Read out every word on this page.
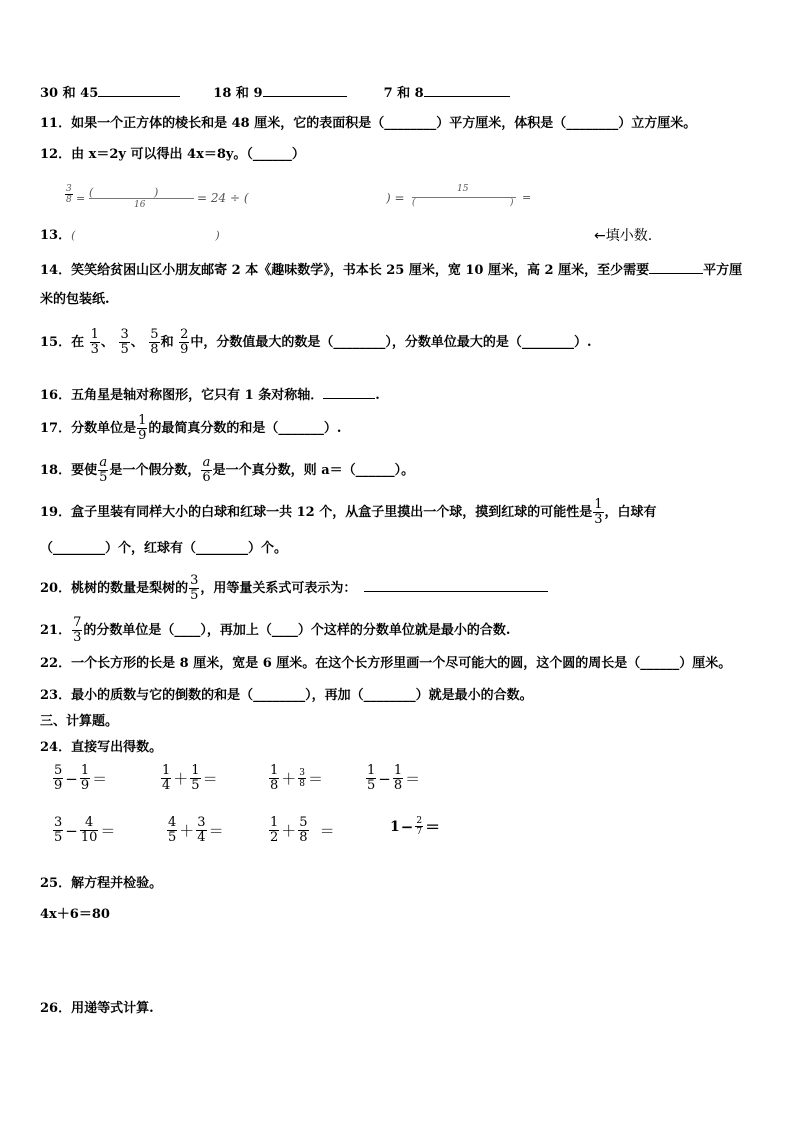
30 和 45	18 和 9	7 和 8
11．如果一个正方体的棱长和是 48 厘米，它的表面积是（________）平方厘米，体积是（________）立方厘米。
12．由 x＝2y 可以得出 4x＝8y。（______）
$\frac{3}{8}$ = (	)
16	= 24 ÷ (	) =
15
(	) =
13．(	)	←填小数.
14．笑笑给贫困山区小朋友邮寄 2 本《趣味数学》，书本长 25 厘米，宽 10 厘米，高 2 厘米，至少需要	平方厘
米的包装纸.
15．在 $\frac{1}{3}$ 、 $\frac{3}{5}$ 、 $\frac{5}{8}$ 和 $\frac{2}{9}$ 中，分数值最大的数是（________），分数单位最大的是（________）.
16．五角星是轴对称图形，它只有 1 条对称轴．	.
17．分数单位是 $\frac{1}{9}$ 的最简真分数的和是（_______）.
18．要使 $\frac{a}{5}$ 是一个假分数， $\frac{a}{6}$ 是一个真分数，则 a＝（______）。
19．盒子里装有同样大小的白球和红球一共 12 个，从盒子里摸出一个球，摸到红球的可能性是 $\frac{1}{3}$ ，白球有
（________）个，红球有（________）个。
20．桃树的数量是梨树的 $\frac{3}{5}$ ，用等量关系式可表示为：
21． $\frac{7}{3}$ 的分数单位是（____），再加上（____）个这样的分数单位就是最小的合数.
22．一个长方形的长是 8 厘米，宽是 6 厘米。在这个长方形里画一个尽可能大的圆，这个圆的周长是（______）厘米。
23．最小的质数与它的倒数的和是（________），再加（________）就是最小的合数。
三、计算题。
24．直接写出得数。
$\frac{5}{9} - \frac{1}{9}$ ＝	$\frac{1}{4} + \frac{1}{5}$ ＝	$\frac{1}{8} + \frac{3}{8}$ ＝	$\frac{1}{5} - \frac{1}{8}$ ＝
$\frac{3}{5} - \frac{4}{10}$ ＝	$\frac{4}{5} + \frac{3}{4}$ ＝	$\frac{1}{2} + \frac{5}{8}$ ＝	$1 - \frac{2}{7}$ ＝
25．解方程并检验。
4x＋6＝80
26．用递等式计算.
